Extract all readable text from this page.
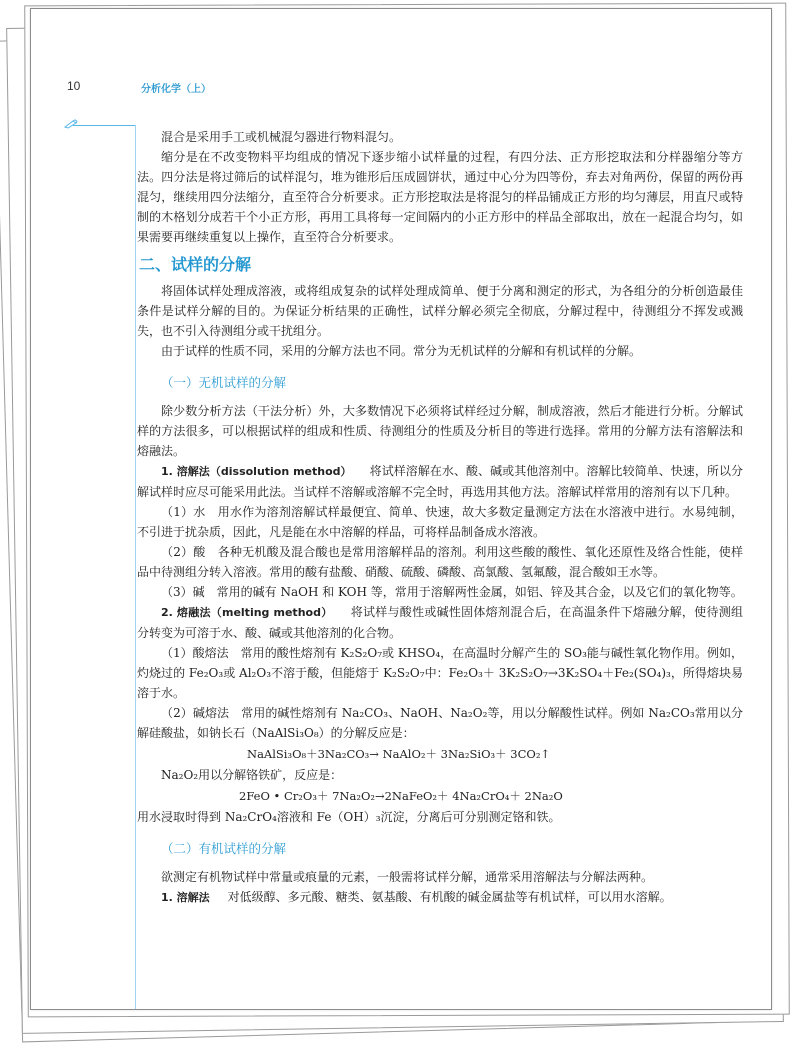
10	分析化学（上）

混合是采用手工或机械混匀器进行物料混匀。

缩分是在不改变物料平均组成的情况下逐步缩小试样量的过程，有四分法、正方形挖取法和分样器缩分等方法。四分法是将过筛后的试样混匀，堆为锥形后压成圆饼状，通过中心分为四等份，弃去对角两份，保留的两份再混匀，继续用四分法缩分，直至符合分析要求。正方形挖取法是将混匀的样品铺成正方形的均匀薄层，用直尺或特制的木格划分成若干个小正方形，再用工具将每一定间隔内的小正方形中的样品全部取出，放在一起混合均匀，如果需要再继续重复以上操作，直至符合分析要求。

二、试样的分解

将固体试样处理成溶液，或将组成复杂的试样处理成简单、便于分离和测定的形式，为各组分的分析创造最佳条件是试样分解的目的。为保证分析结果的正确性，试样分解必须完全彻底，分解过程中，待测组分不挥发或溅失，也不引入待测组分或干扰组分。

由于试样的性质不同，采用的分解方法也不同。常分为无机试样的分解和有机试样的分解。

（一）无机试样的分解

除少数分析方法（干法分析）外，大多数情况下必须将试样经过分解，制成溶液，然后才能进行分析。分解试样的方法很多，可以根据试样的组成和性质、待测组分的性质及分析目的等进行选择。常用的分解方法有溶解法和熔融法。

1. 溶解法（dissolution method） 将试样溶解在水、酸、碱或其他溶剂中。溶解比较简单、快速，所以分解试样时应尽可能采用此法。当试样不溶解或溶解不完全时，再选用其他方法。溶解试样常用的溶剂有以下几种。

（1）水　用水作为溶剂溶解试样最便宜、简单、快速，故大多数定量测定方法在水溶液中进行。水易纯制，不引进于扰杂质，因此，凡是能在水中溶解的样品，可将样品制备成水溶液。

（2）酸　各种无机酸及混合酸也是常用溶解样品的溶剂。利用这些酸的酸性、氧化还原性及络合性能，使样品中待测组分转入溶液。常用的酸有盐酸、硝酸、硫酸、磷酸、高氯酸、氢氟酸，混合酸如王水等。

（3）碱　常用的碱有 NaOH 和 KOH 等，常用于溶解两性金属，如铝、锌及其合金，以及它们的氧化物等。

2. 熔融法（melting method） 将试样与酸性或碱性固体熔剂混合后，在高温条件下熔融分解，使待测组分转变为可溶于水、酸、碱或其他溶剂的化合物。

（1）酸熔法　常用的酸性熔剂有 K₂S₂O₇或 KHSO₄，在高温时分解产生的 SO₃能与碱性氧化物作用。例如，灼烧过的 Fe₂O₃或 Al₂O₃不溶于酸，但能熔于 K₂S₂O₇中：Fe₂O₃＋ 3K₂S₂O₇→3K₂SO₄＋Fe₂(SO₄)₃，所得熔块易溶于水。

（2）碱熔法　常用的碱性熔剂有 Na₂CO₃、NaOH、Na₂O₂等，用以分解酸性试样。例如 Na₂CO₃常用以分解硅酸盐，如钠长石（NaAlSi₃O₈）的分解反应是：

NaAlSi₃O₈＋3Na₂CO₃→ NaAlO₂＋ 3Na₂SiO₃＋ 3CO₂↑

Na₂O₂用以分解铬铁矿，反应是：

2FeO • Cr₂O₃＋ 7Na₂O₂→2NaFeO₂＋ 4Na₂CrO₄＋ 2Na₂O

用水浸取时得到 Na₂CrO₄溶液和 Fe（OH）₃沉淀，分离后可分别测定铬和铁。

（二）有机试样的分解

欲测定有机物试样中常量或痕量的元素，一般需将试样分解，通常采用溶解法与分解法两种。

1. 溶解法 对低级醇、多元酸、糖类、氨基酸、有机酸的碱金属盐等有机试样，可以用水溶解。
